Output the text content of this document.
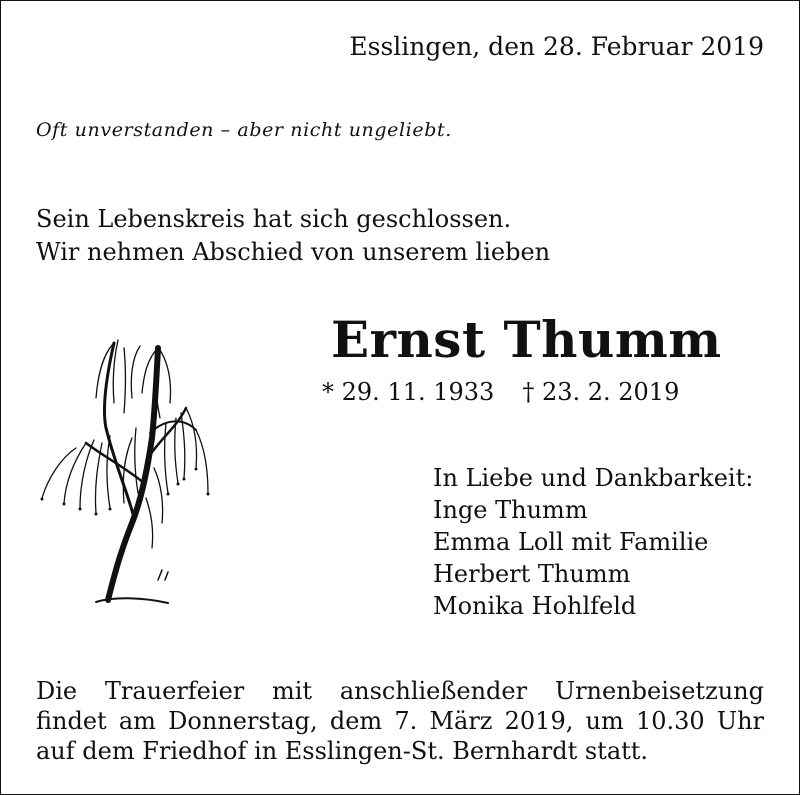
Esslingen, den 28. Februar 2019
Oft unverstanden – aber nicht ungeliebt.
Sein Lebenskreis hat sich geschlossen.
Wir nehmen Abschied von unserem lieben
Ernst Thumm
* 29. 11. 1933 † 23. 2. 2019
In Liebe und Dankbarkeit:
Inge Thumm
Emma Loll mit Familie
Herbert Thumm
Monika Hohlfeld
Die Trauerfeier mit anschließender Urnenbeisetzung
findet am Donnerstag, dem 7. März 2019, um 10.30 Uhr
auf dem Friedhof in Esslingen-St. Bernhardt statt.
